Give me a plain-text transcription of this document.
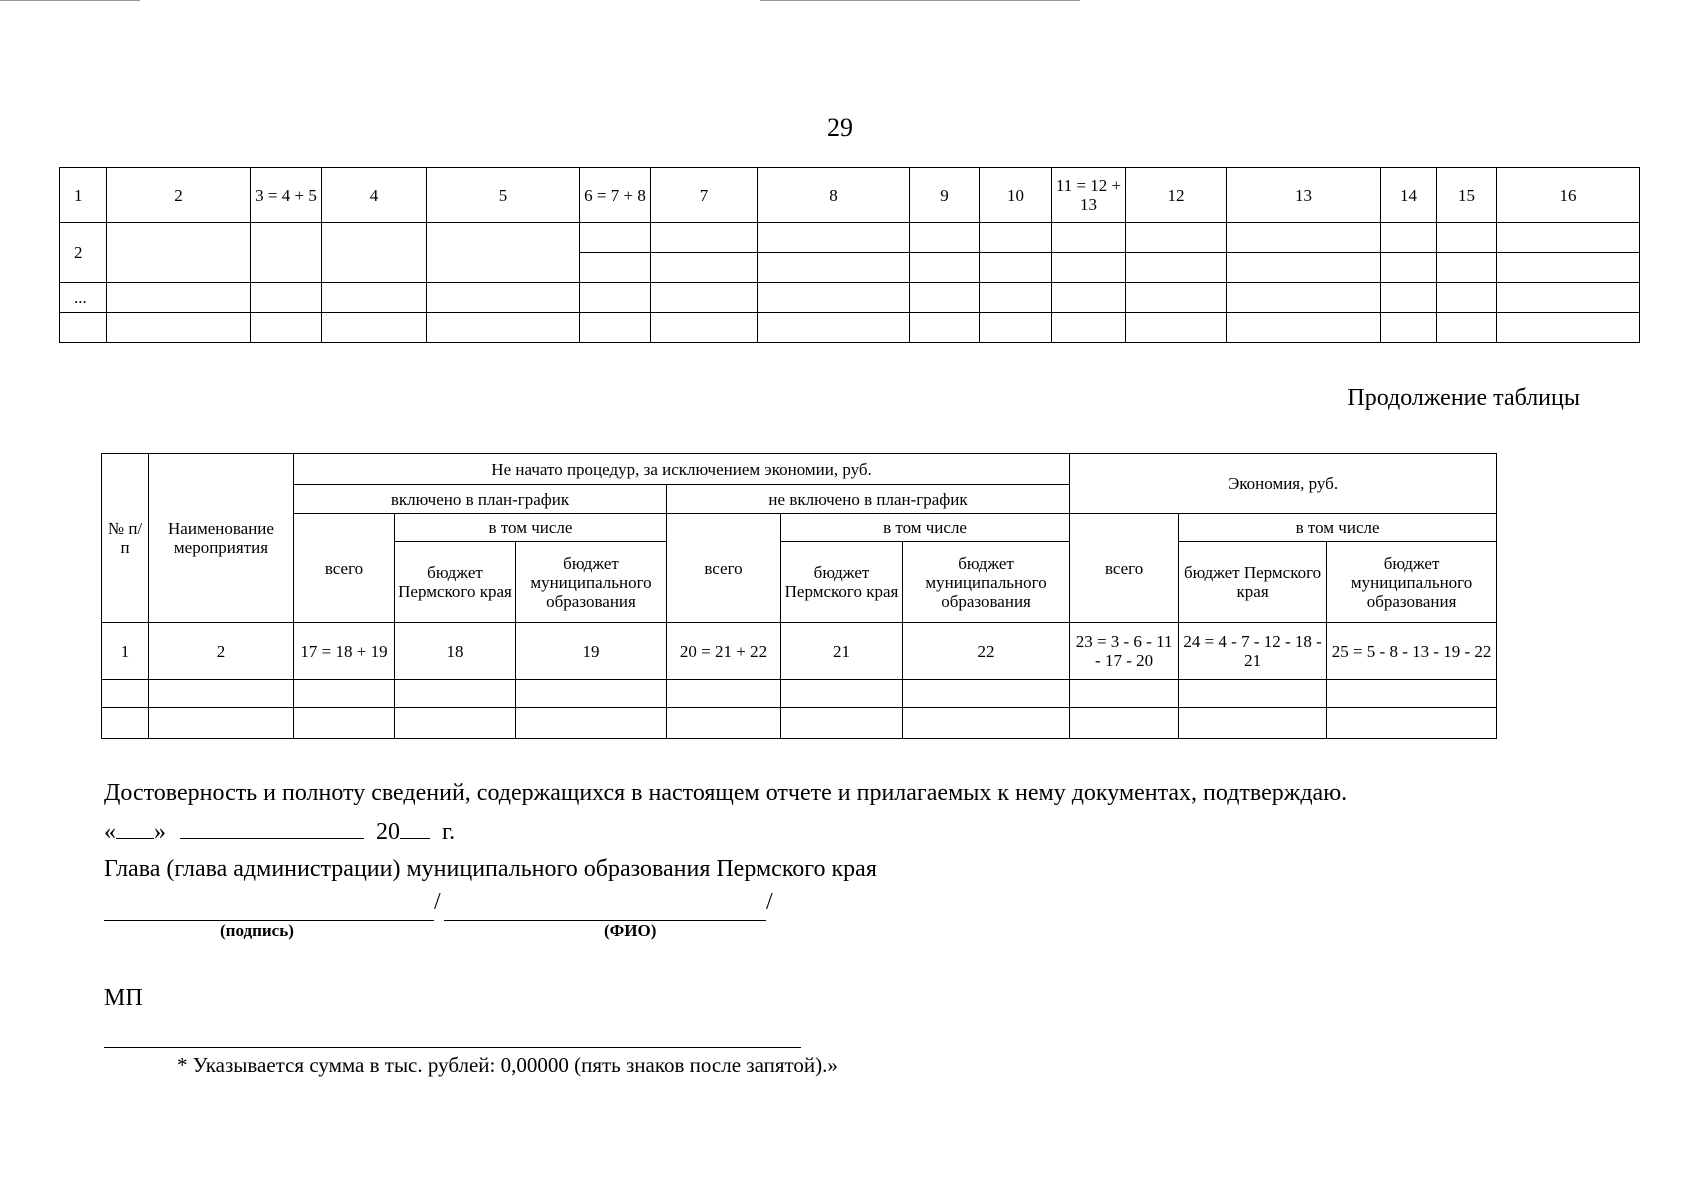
29
1	2	3 = 4 + 5	4	5	6 = 7 + 8	7	8	9	10	11 = 12 + 13	12	13	14	15	16
2															

...															

Продолжение таблицы
№ п/п	Наименование мероприятия	Не начато процедур, за исключением экономии, руб.						Экономия, руб.		
		включено в план-график			не включено в план-график					
		всего	в том числе		всего	в том числе		всего	в том числе	
			бюджет Пермского края	бюджет муниципального образования		бюджет Пермского края	бюджет муниципального образования		бюджет Пермского края	бюджет муниципального образования
1	2	17 = 18 + 19	18	19	20 = 21 + 22	21	22	23 = 3 - 6 - 11 - 17 - 20	24 = 4 - 7 - 12 - 18 - 21	25 = 5 - 8 - 13 - 19 - 22

Достоверность и полноту сведений, содержащихся в настоящем отчете и прилагаемых к нему документах, подтверждаю.
« »	20 г.
Глава (глава администрации) муниципального образования Пермского края
/	/
(подпись)	(ФИО)
МП
* Указывается сумма в тыс. рублей: 0,00000 (пять знаков после запятой).»
